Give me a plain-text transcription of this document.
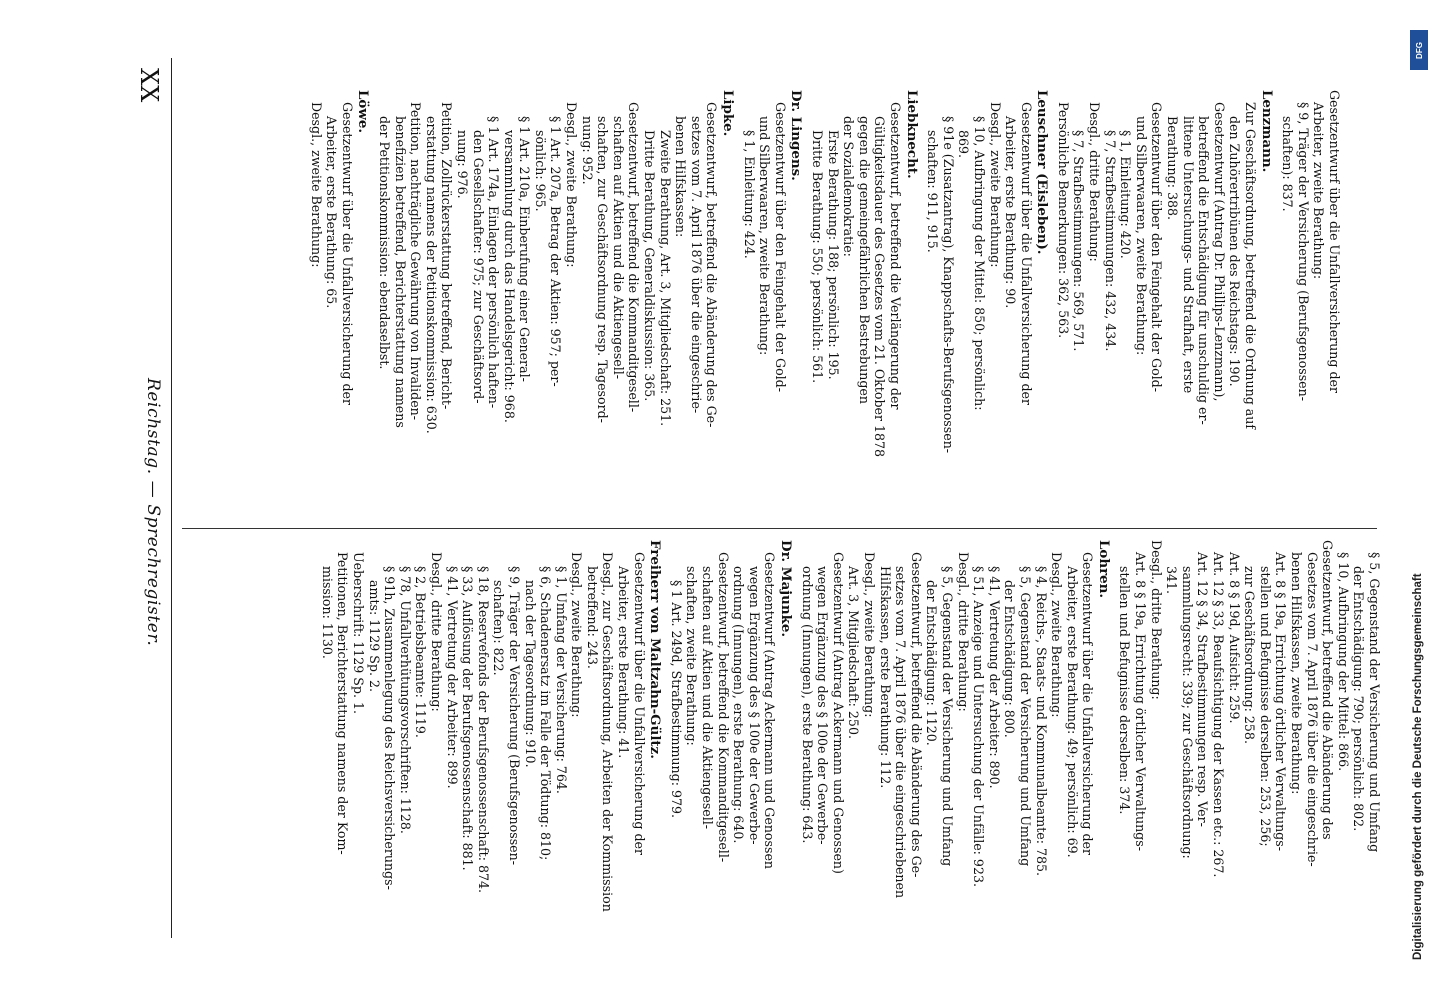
XX
Reichstag. — Sprechregister.
Gesetzentwurf über die Unfallversicherung der
Arbeiter, zweite Berathung:
§ 9, Träger der Versicherung (Berufsgenossen-
schaften): 837.
Lenzmann.
Zur Geschäftsordnung, betreffend die Ordnung auf
den Zuhörertribünen des Reichstags: 190.
Gesetzentwurf (Antrag Dr. Phillips-Lenzmann),
betreffend die Entschädigung für unschuldig er-
littene Untersuchungs- und Strafhaft, erste
Berathung: 388.
Gesetzentwurf über den Feingehalt der Gold-
und Silberwaaren, zweite Berathung:
§ 1, Einleitung: 420.
§ 7, Strafbestimmungen: 432, 434.
Desgl., dritte Berathung:
§ 7, Strafbestimmungen: 569, 571.
Persönliche Bemerkungen: 362, 563.
Leuschner (Eisleben).
Gesetzentwurf über die Unfallversicherung der
Arbeiter, erste Berathung: 90.
Desgl., zweite Berathung:
§ 10, Aufbringung der Mittel: 850; persönlich:
869.
§ 91e (Zusatzantrag), Knappschafts-Berufsgenossen-
schaften: 911, 915.
Liebknecht.
Gesetzentwurf, betreffend die Verlängerung der
Gültigkeitsdauer des Gesetzes vom 21. Oktober 1878
gegen die gemeingefährlichen Bestrebungen
der Sozialdemokratie:
Erste Berathung: 188; persönlich: 195.
Dritte Berathung: 550; persönlich: 561.
Dr. Lingens.
Gesetzentwurf über den Feingehalt der Gold-
und Silberwaaren, zweite Berathung:
§ 1, Einleitung: 424.
Lipke.
Gesetzentwurf, betreffend die Abänderung des Ge-
setzes vom 7. April 1876 über die eingeschrie-
benen Hilfskassen:
Zweite Berathung, Art. 3, Mitgliedschaft: 251.
Dritte Berathung, Generaldiskussion: 365.
Gesetzentwurf, betreffend die Kommanditgesell-
schaften auf Aktien und die Aktiengesell-
schaften, zur Geschäftsordnung resp. Tagesord-
nung: 952.
Desgl., zweite Berathung:
§ 1 Art. 207a, Betrag der Aktien: 957; per-
sönlich: 965.
§ 1 Art. 210a, Einberufung einer General-
versammlung durch das Handelsgericht: 968.
§ 1 Art. 174a, Einlagen der persönlich haften-
den Gesellschafter: 975; zur Geschäftsord-
nung: 976.
Petition, Zollrückerstattung betreffend, Bericht-
erstattung namens der Petitionskommission: 630.
Petition, nachträgliche Gewährung von Invaliden-
benefizien betreffend, Berichterstattung namens
der Petitionskommission: ebendaselbst.
Löwe.
Gesetzentwurf über die Unfallversicherung der
Arbeiter, erste Berathung: 65.
Desgl., zweite Berathung:
§ 5, Gegenstand der Versicherung und Umfang
der Entschädigung: 790; persönlich: 802.
§ 10, Aufbringung der Mittel: 866.
Gesetzentwurf, betreffend die Abänderung des
Gesetzes vom 7. April 1876 über die eingeschrie-
benen Hilfskassen, zweite Berathung:
Art. 8 § 19a, Errichtung örtlicher Verwaltungs-
stellen und Befugnisse derselben: 253, 256;
zur Geschäftsordnung: 258.
Art. 8 § 19d, Aufsicht: 259.
Art. 12 § 33, Beaufsichtigung der Kassen etc.: 267.
Art. 12 § 34, Strafbestimmungen resp. Ver-
sammlungsrecht: 339; zur Geschäftsordnung:
341.
Desgl., dritte Berathung:
Art. 8 § 19a, Errichtung örtlicher Verwaltungs-
stellen und Befugnisse derselben: 374.
Lohren.
Gesetzentwurf über die Unfallversicherung der
Arbeiter, erste Berathung: 49; persönlich: 69.
Desgl., zweite Berathung:
§ 4, Reichs-, Staats- und Kommunalbeamte: 785.
§ 5, Gegenstand der Versicherung und Umfang
der Entschädigung: 800.
§ 41, Vertretung der Arbeiter: 890.
§ 51, Anzeige und Untersuchung der Unfälle: 923.
Desgl., dritte Berathung:
§ 5, Gegenstand der Versicherung und Umfang
der Entschädigung: 1120.
Gesetzentwurf, betreffend die Abänderung des Ge-
setzes vom 7. April 1876 über die eingeschriebenen
Hilfskassen, erste Berathung: 112.
Desgl., zweite Berathung:
Art. 3, Mitgliedschaft: 250.
Gesetzentwurf (Antrag Ackermann und Genossen)
wegen Ergänzung des § 100e der Gewerbe-
ordnung (Innungen), erste Berathung: 643.
Dr. Majunke.
Gesetzentwurf (Antrag Ackermann und Genossen
wegen Ergänzung des § 100e der Gewerbe-
ordnung (Innungen), erste Berathung: 640.
Gesetzentwurf, betreffend die Kommanditgesell-
schaften auf Aktien und die Aktiengesell-
schaften, zweite Berathung:
§ 1 Art. 249d, Strafbestimmung: 979.
Freiherr von Maltzahn-Gültz.
Gesetzentwurf über die Unfallversicherung der
Arbeiter, erste Berathung: 41.
Desgl., zur Geschäftsordnung, Arbeiten der Kommission
betreffend: 243.
Desgl., zweite Berathung:
§ 1, Umfang der Versicherung: 764.
§ 6, Schadenersatz im Falle der Tödtung: 810;
nach der Tagesordnung: 910.
§ 9, Träger der Versicherung (Berufsgenossen-
schaften): 822.
§ 18, Reservefonds der Berufsgenossenschaft: 874.
§ 33, Auflösung der Berufsgenossenschaft: 881.
§ 41, Vertretung der Arbeiter: 899.
Desgl., dritte Berathung:
§ 2, Betriebsbeamte: 1119.
§ 78, Unfallverhütungsvorschriften: 1128.
§ 91h, Zusammenlegung des Reichsversicherungs-
amts: 1129 Sp. 2.
Ueberschrift: 1129 Sp. 1.
Petitionen, Berichterstattung namens der Kom-
mission: 1130.
DFG
Digitalisierung gefördert durch die Deutsche Forschungsgemeinschaft
